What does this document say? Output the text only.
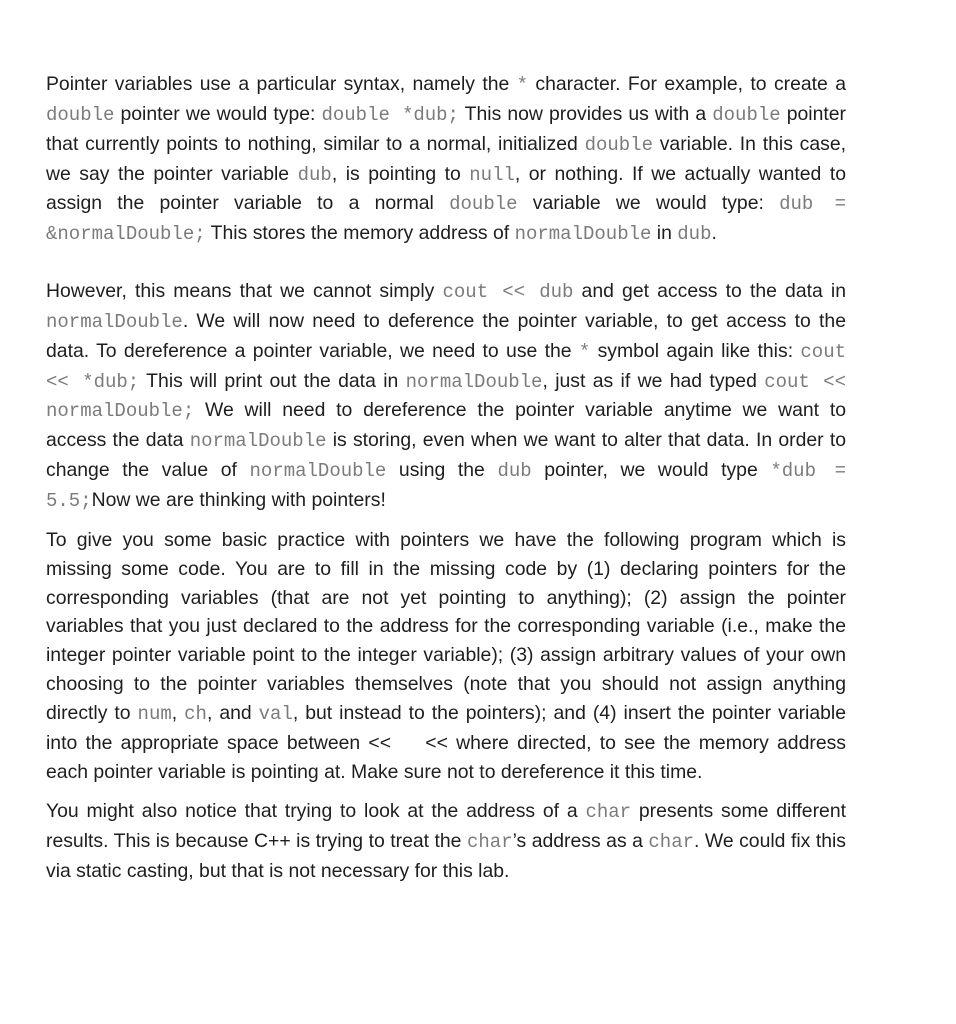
Pointer variables use a particular syntax, namely the * character. For example, to create a double pointer we would type: double *dub; This now provides us with a double pointer that currently points to nothing, similar to a normal, initialized double variable. In this case, we say the pointer variable dub, is pointing to null, or nothing. If we actually wanted to assign the pointer variable to a normal double variable we would type: dub = &normalDouble; This stores the memory address of normalDouble in dub.

However, this means that we cannot simply cout << dub and get access to the data in normalDouble. We will now need to deference the pointer variable, to get access to the data. To dereference a pointer variable, we need to use the * symbol again like this: cout << *dub; This will print out the data in normalDouble, just as if we had typed cout << normalDouble; We will need to dereference the pointer variable anytime we want to access the data normalDouble is storing, even when we want to alter that data. In order to change the value of normalDouble using the dub pointer, we would type *dub = 5.5;Now we are thinking with pointers!

To give you some basic practice with pointers we have the following program which is missing some code. You are to fill in the missing code by (1) declaring pointers for the corresponding variables (that are not yet pointing to anything); (2) assign the pointer variables that you just declared to the address for the corresponding variable (i.e., make the integer pointer variable point to the integer variable); (3) assign arbitrary values of your own choosing to the pointer variables themselves (note that you should not assign anything directly to num, ch, and val, but instead to the pointers); and (4) insert the pointer variable into the appropriate space between << << where directed, to see the memory address each pointer variable is pointing at. Make sure not to dereference it this time.

You might also notice that trying to look at the address of a char presents some different results. This is because C++ is trying to treat the char’s address as a char. We could fix this via static casting, but that is not necessary for this lab.
